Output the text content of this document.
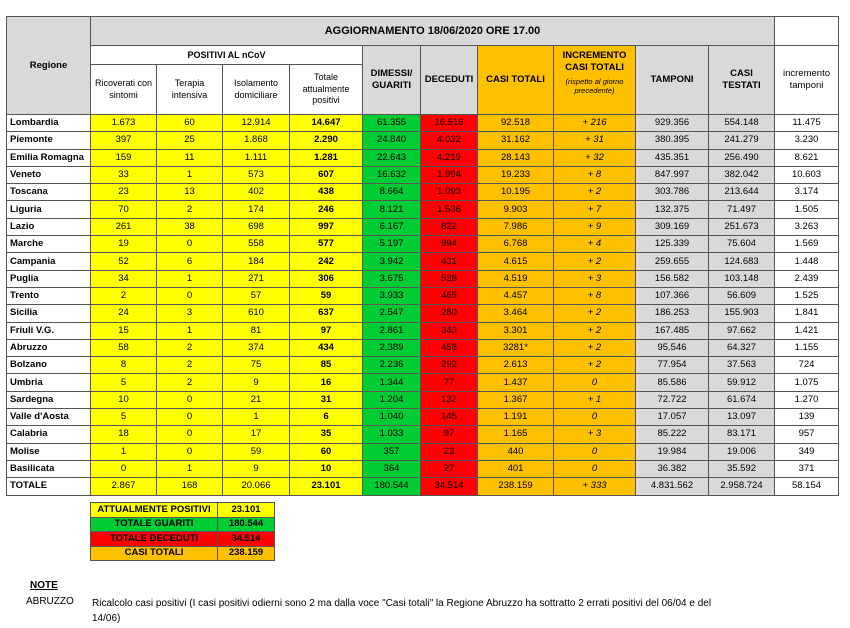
Regione	AGGIORNAMENTO 18/06/2020 ORE 17.00										
	POSITIVI AL nCoV				DIMESSI/ GUARITI	DECEDUTI	CASI TOTALI	INCREMENTO CASI TOTALI
(rispetto al giorno precedente)	TAMPONI	CASI TESTATI	incremento tamponi
	Ricoverati con sintomi	Terapia intensiva	Isolamento domiciliare	Totale attualmente positivi							
Lombardia	1.673	60	12.914	14.647	61.355	16.516	92.518	+ 216	929.356	554.148	11.475
Piemonte	397	25	1.868	2.290	24.840	4.032	31.162	+ 31	380.395	241.279	3.230
Emilia Romagna	159	11	1.111	1.281	22.643	4.219	28.143	+ 32	435.351	256.490	8.621
Veneto	33	1	573	607	16.632	1.994	19.233	+ 8	847.997	382.042	10.603
Toscana	23	13	402	438	8.664	1.093	10.195	+ 2	303.786	213.644	3.174
Liguria	70	2	174	246	8.121	1.536	9.903	+ 7	132.375	71.497	1.505
Lazio	261	38	698	997	6.167	822	7.986	+ 9	309.169	251.673	3.263
Marche	19	0	558	577	5.197	994	6.768	+ 4	125.339	75.604	1.569
Campania	52	6	184	242	3.942	431	4.615	+ 2	259.655	124.683	1.448
Puglia	34	1	271	306	3.675	538	4.519	+ 3	156.582	103.148	2.439
Trento	2	0	57	59	3.933	465	4.457	+ 8	107.366	56.609	1.525
Sicilia	24	3	610	637	2.547	280	3.464	+ 2	186.253	155.903	1.841
Friuli V.G.	15	1	81	97	2.861	343	3.301	+ 2	167.485	97.662	1.421
Abruzzo	58	2	374	434	2.389	458	3281*	+ 2	95.546	64.327	1.155
Bolzano	8	2	75	85	2.236	292	2.613	+ 2	77.954	37.563	724
Umbria	5	2	9	16	1.344	77	1.437	0	85.586	59.912	1.075
Sardegna	10	0	21	31	1.204	132	1.367	+ 1	72.722	61.674	1.270
Valle d'Aosta	5	0	1	6	1.040	145	1.191	0	17.057	13.097	139
Calabria	18	0	17	35	1.033	97	1.165	+ 3	85.222	83.171	957
Molise	1	0	59	60	357	23	440	0	19.984	19.006	349
Basilicata	0	1	9	10	364	27	401	0	36.382	35.592	371
TOTALE	2.867	168	20.066	23.101	180.544	34.514	238.159	+ 333	4.831.562	2.958.724	58.154
ATTUALMENTE POSITIVI	23.101
TOTALE GUARITI	180.544
TOTALE DECEDUTI	34.514
CASI TOTALI	238.159
NOTE
ABRUZZO Ricalcolo casi positivi (I casi positivi odierni sono 2 ma dalla voce "Casi totali" la Regione Abruzzo ha sottratto 2 errati positivi del 06/04 e del 14/06)
